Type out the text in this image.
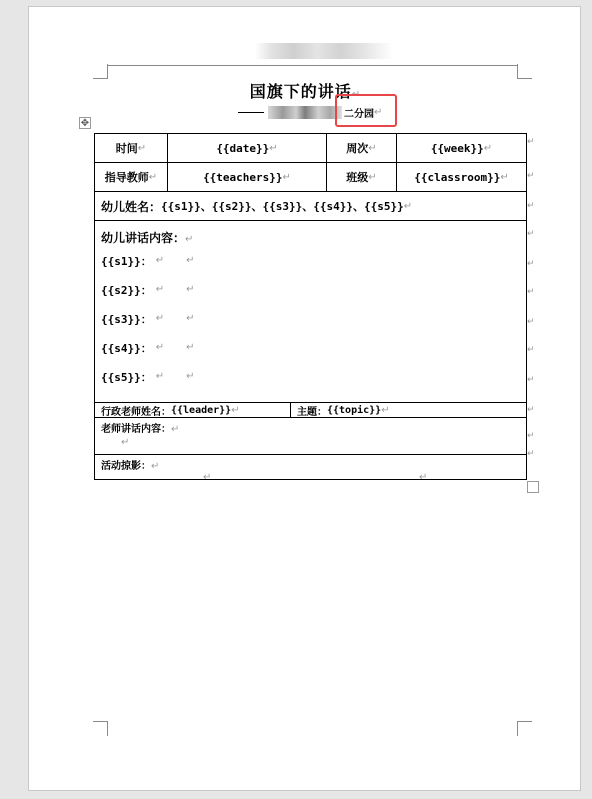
国旗下的讲话↵
二分园 ↵
✥
时间 ↵	{{date}} ↵	周次 ↵	{{week}} ↵
指导教师 ↵	{{teachers}} ↵	班级 ↵	{{classroom}} ↵
幼儿姓名： {{s1}}、{{s2}}、{{s3}}、{{s4}}、{{s5}} ↵
幼儿讲话内容：↵
{{s1}}： ↵ ↵
{{s2}}： ↵ ↵
{{s3}}： ↵ ↵
{{s4}}： ↵ ↵
{{s5}}： ↵ ↵
行政老师姓名： {{leader}} ↵	主题： {{topic}} ↵
老师讲话内容：↵
↵
活动掠影：↵
↵	↵
↵
↵
↵
↵
↵
↵
↵
↵
↵
↵
↵
↵
